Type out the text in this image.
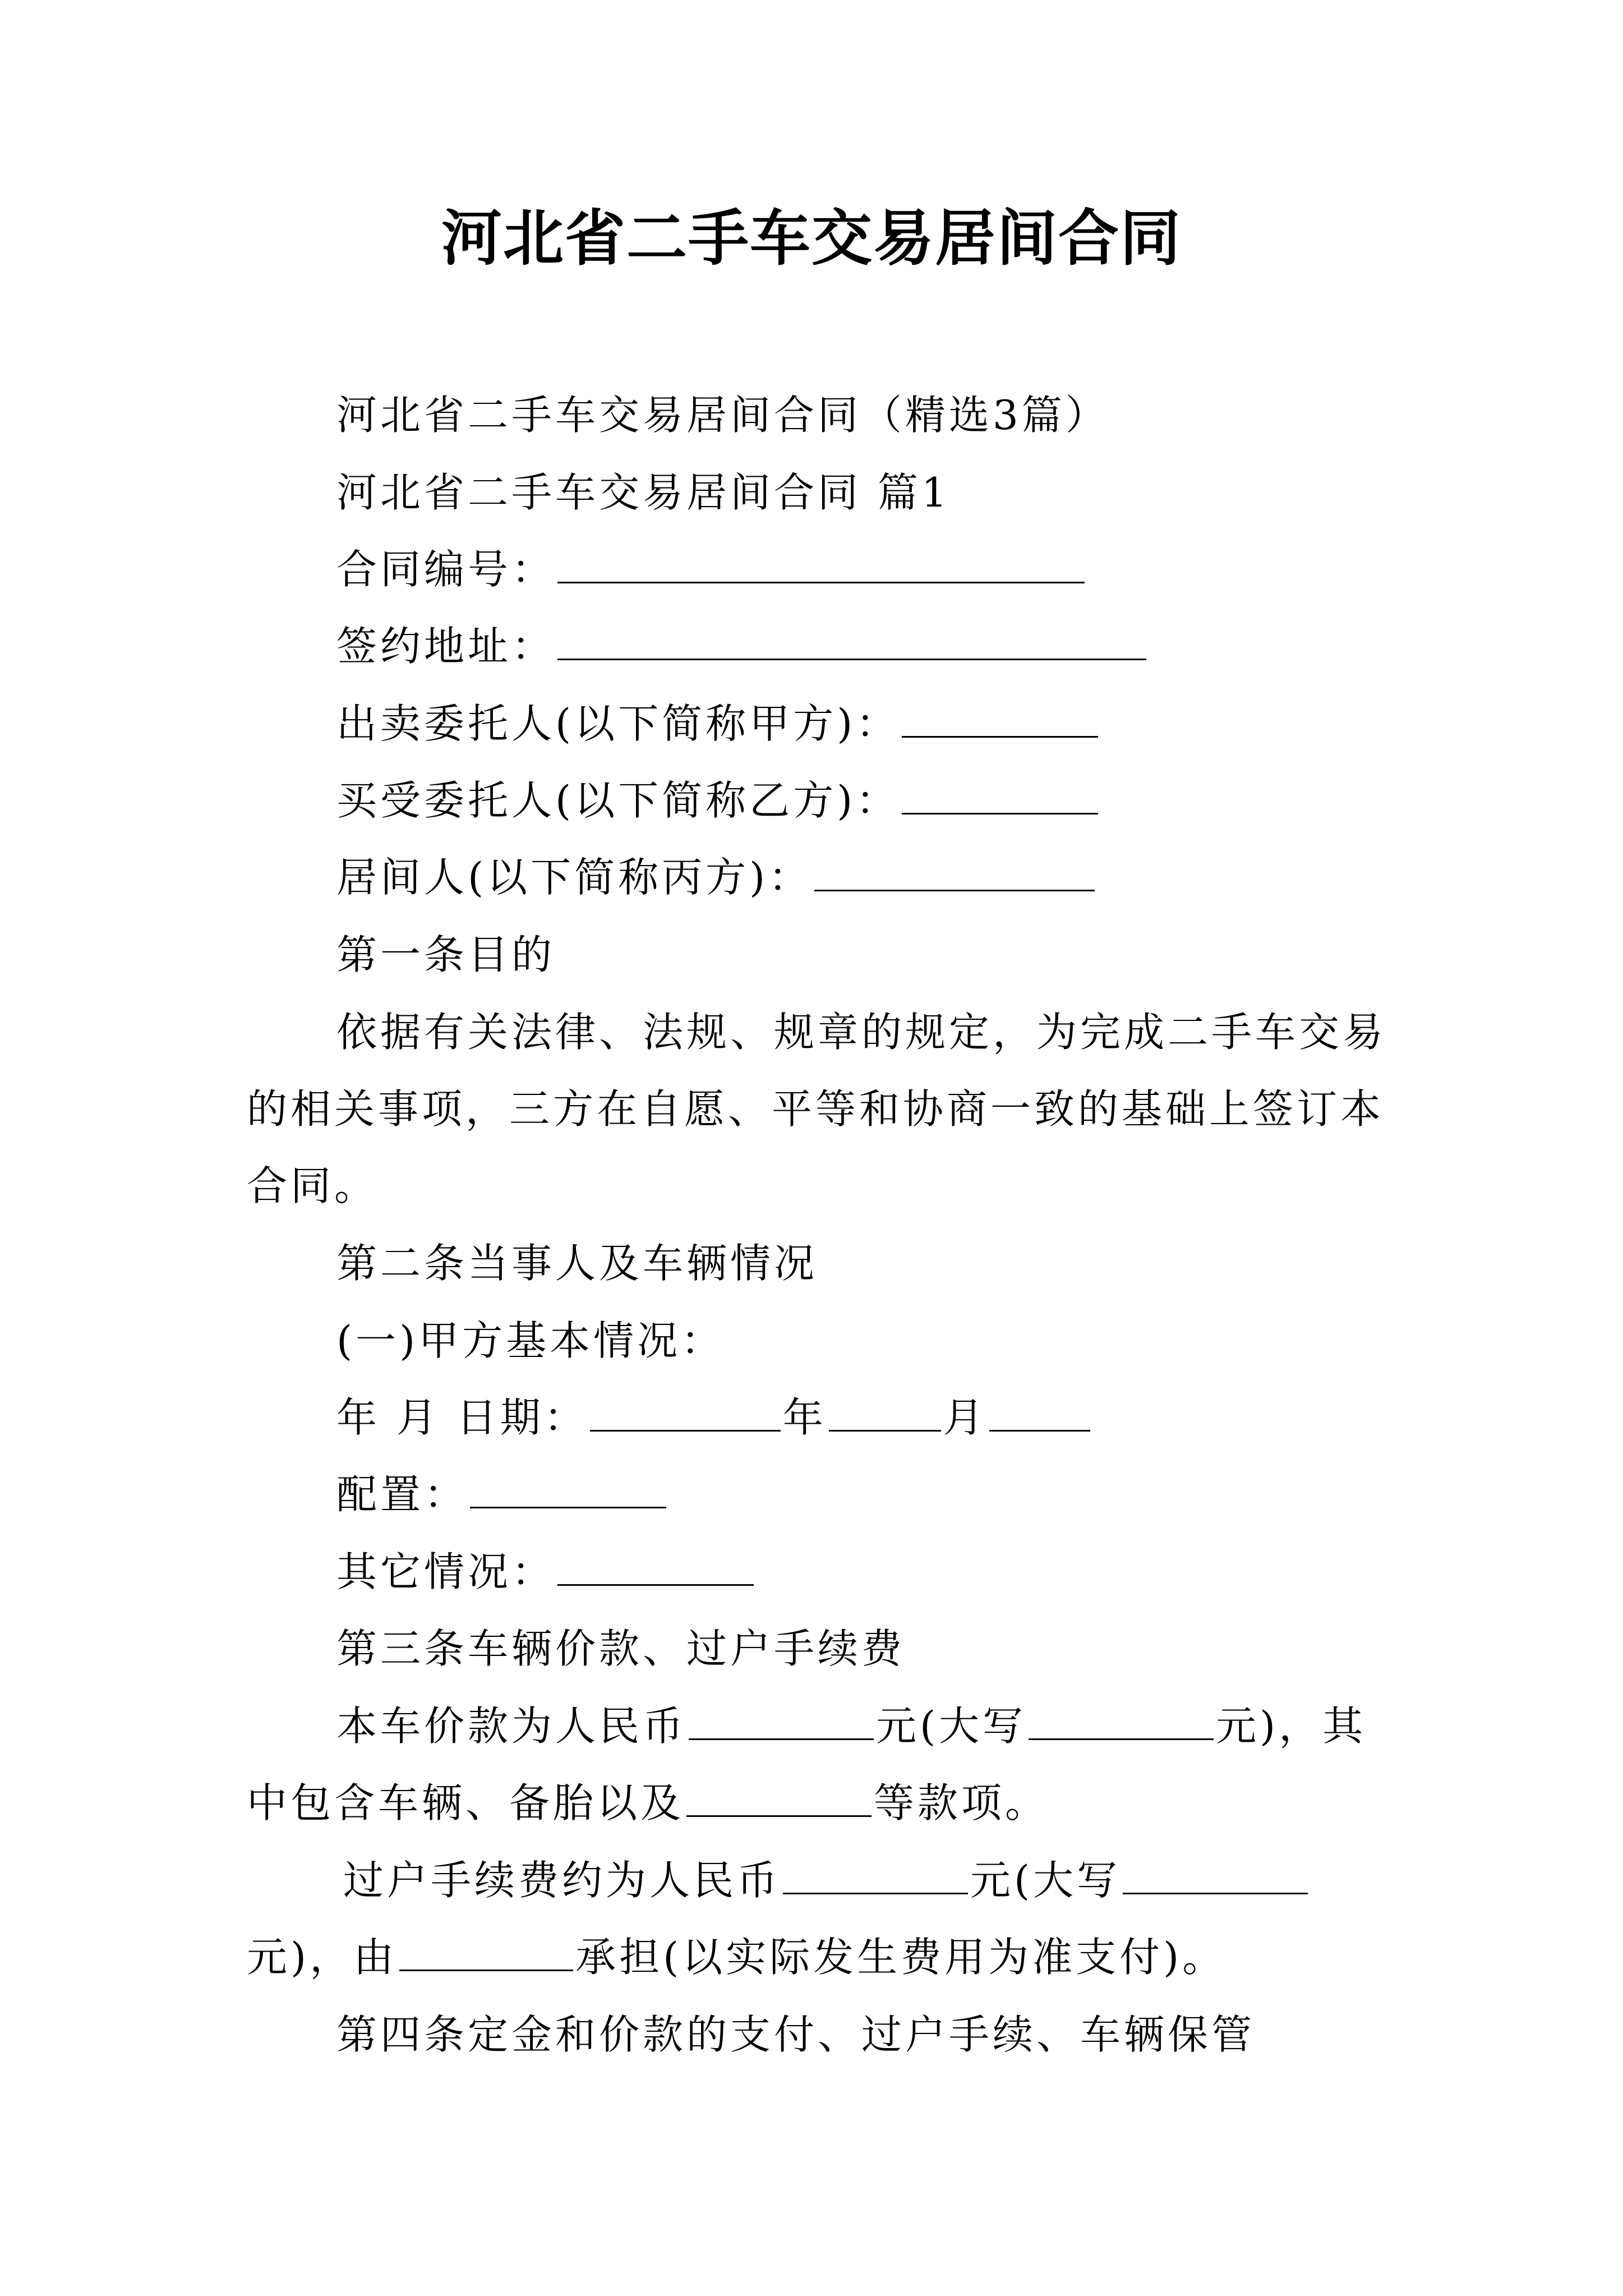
河北省二手车交易居间合同
河北省二手车交易居间合同（精选3篇）
河北省二手车交易居间合同 篇1
合同编号：
签约地址：
出卖委托人(以下简称甲方)：
买受委托人(以下简称乙方)：
居间人(以下简称丙方)：
第一条目的
依据有关法律、法规、规章的规定，为完成二手车交易
的相关事项，三方在自愿、平等和协商一致的基础上签订本
合同。
第二条当事人及车辆情况
(一)甲方基本情况：
年 月 日期：	年	月
配置：
其它情况：
第三条车辆价款、过户手续费
本车价款为人民币	元(大写	元)，其
中包含车辆、备胎以及	等款项。
过户手续费约为人民币	元(大写
元)，由	承担(以实际发生费用为准支付)。
第四条定金和价款的支付、过户手续、车辆保管
